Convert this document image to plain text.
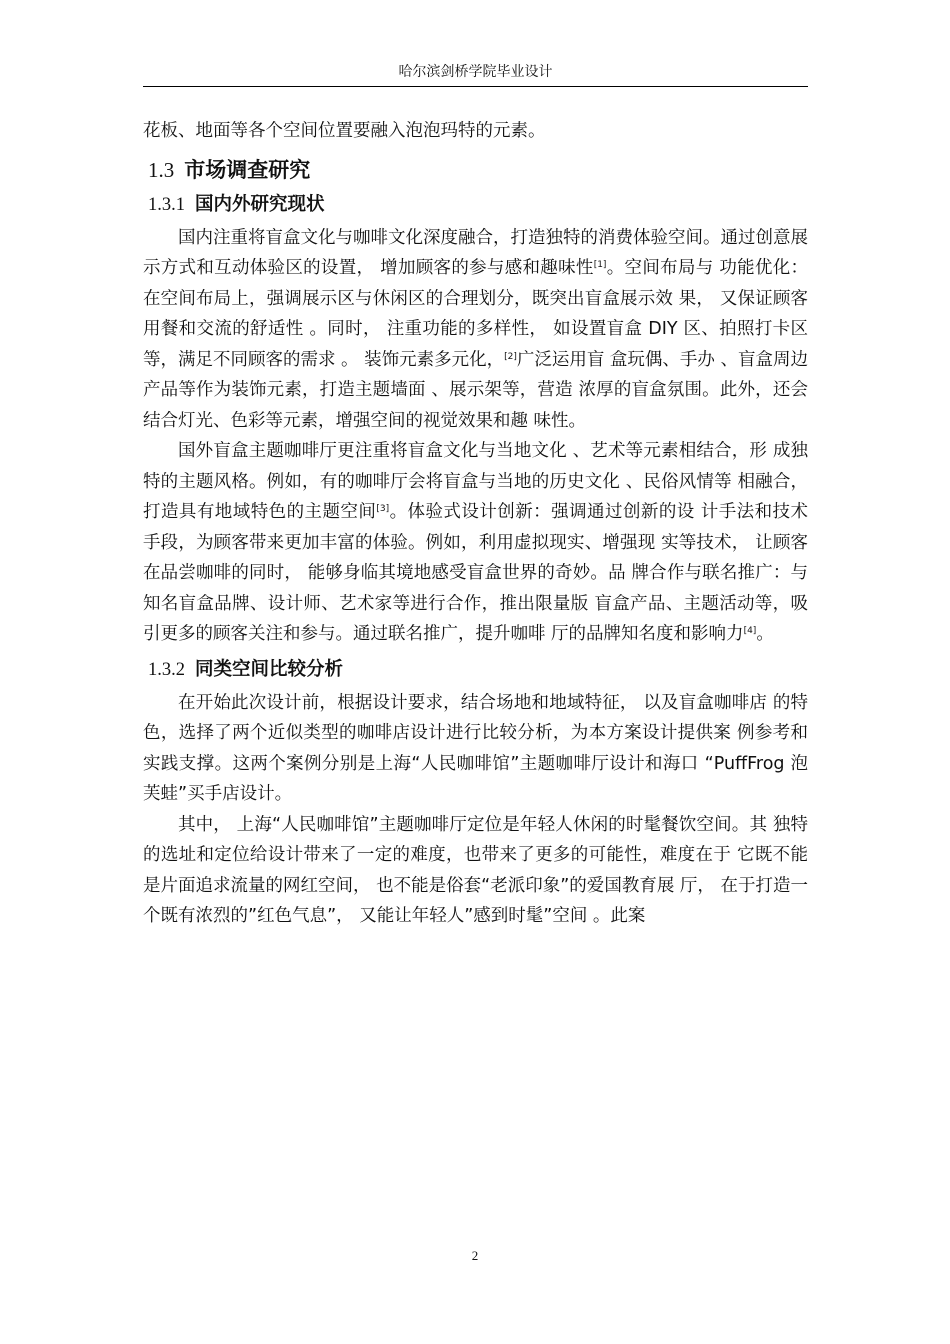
哈尔滨剑桥学院毕业设计

花板、地面等各个空间位置要融入泡泡玛特的元素。

1.3 市场调查研究
1.3.1 国内外研究现状

国内注重将盲盒文化与咖啡文化深度融合，打造独特的消费体验空间。通过创意展示方式和互动体验区的设置， 增加顾客的参与感和趣味性[1]。空间布局与 功能优化：在空间布局上，强调展示区与休闲区的合理划分，既突出盲盒展示效 果， 又保证顾客用餐和交流的舒适性 。同时， 注重功能的多样性， 如设置盲盒 DIY 区、拍照打卡区等，满足不同顾客的需求 。 装饰元素多元化，[2]广泛运用盲 盒玩偶、手办 、盲盒周边产品等作为装饰元素，打造主题墙面 、展示架等，营造 浓厚的盲盒氛围。此外，还会结合灯光、色彩等元素，增强空间的视觉效果和趣 味性。

国外盲盒主题咖啡厅更注重将盲盒文化与当地文化 、艺术等元素相结合，形 成独特的主题风格。例如，有的咖啡厅会将盲盒与当地的历史文化 、民俗风情等 相融合， 打造具有地域特色的主题空间[3]。体验式设计创新：强调通过创新的设 计手法和技术手段，为顾客带来更加丰富的体验。例如，利用虚拟现实、增强现 实等技术， 让顾客在品尝咖啡的同时， 能够身临其境地感受盲盒世界的奇妙。品 牌合作与联名推广：与知名盲盒品牌、设计师、艺术家等进行合作，推出限量版 盲盒产品、主题活动等，吸引更多的顾客关注和参与。通过联名推广，提升咖啡 厅的品牌知名度和影响力[4]。

1.3.2 同类空间比较分析

在开始此次设计前，根据设计要求，结合场地和地域特征， 以及盲盒咖啡店 的特色，选择了两个近似类型的咖啡店设计进行比较分析，为本方案设计提供案 例参考和实践支撑。这两个案例分别是上海“人民咖啡馆”主题咖啡厅设计和海口 “PuffFrog 泡芙蛙”买手店设计。

其中， 上海“人民咖啡馆”主题咖啡厅定位是年轻人休闲的时髦餐饮空间。其 独特的选址和定位给设计带来了一定的难度，也带来了更多的可能性，难度在于 它既不能是片面追求流量的网红空间， 也不能是俗套“老派印象”的爱国教育展 厅， 在于打造一个既有浓烈的”红色气息”， 又能让年轻人”感到时髦”空间 。此案

2
